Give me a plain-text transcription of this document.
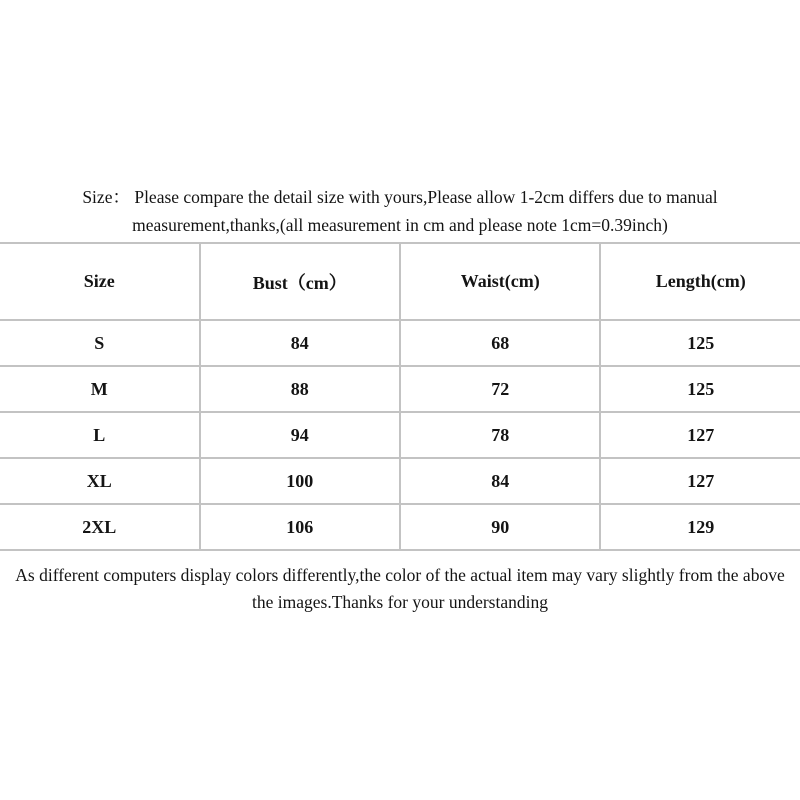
Size： Please compare the detail size with yours,Please allow 1-2cm differs due to manual
measurement,thanks,(all measurement in cm and please note 1cm=0.39inch)
Size	Bust（cm）	Waist(cm)	Length(cm)
S	84	68	125
M	88	72	125
L	94	78	127
XL	100	84	127
2XL	106	90	129
As different computers display colors differently,the color of the actual item may vary slightly from the above
the images.Thanks for your understanding
